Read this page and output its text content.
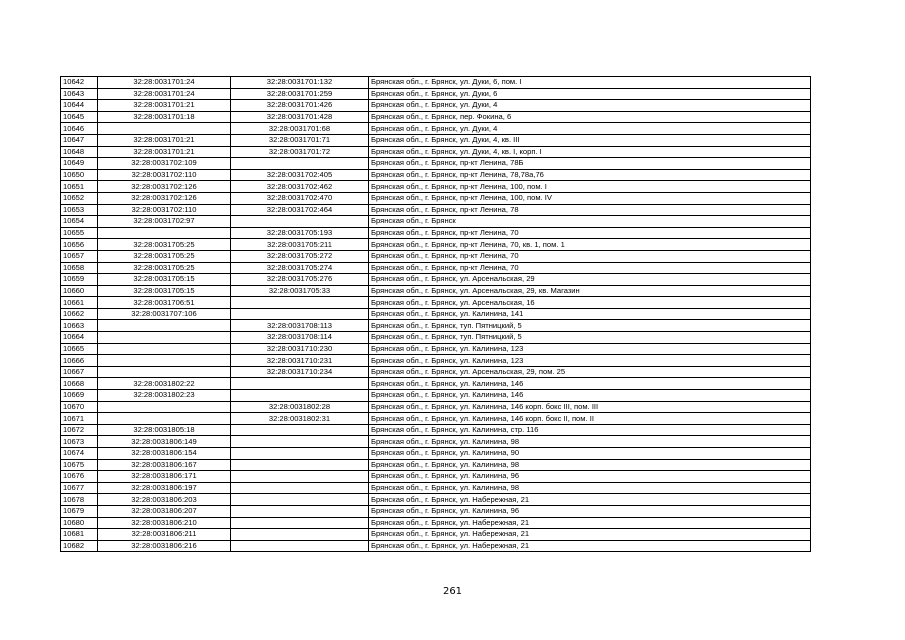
10642	32:28:0031701:24	32:28:0031701:132	Брянская обл., г. Брянск, ул. Дуки, 6, пом. I
10643	32:28:0031701:24	32:28:0031701:259	Брянская обл., г. Брянск, ул. Дуки, 6
10644	32:28:0031701:21	32:28:0031701:426	Брянская обл., г. Брянск, ул. Дуки, 4
10645	32:28:0031701:18	32:28:0031701:428	Брянская обл., г. Брянск, пер. Фокина, 6
10646		32:28:0031701:68	Брянская обл., г. Брянск, ул. Дуки, 4
10647	32:28:0031701:21	32:28:0031701:71	Брянская обл., г. Брянск, ул. Дуки, 4, кв. III
10648	32:28:0031701:21	32:28:0031701:72	Брянская обл., г. Брянск, ул. Дуки, 4, кв. I, корп. I
10649	32:28:0031702:109		Брянская обл., г. Брянск, пр-кт Ленина, 78Б
10650	32:28:0031702:110	32:28:0031702:405	Брянская обл., г. Брянск, пр-кт Ленина, 78,78а,76
10651	32:28:0031702:126	32:28:0031702:462	Брянская обл., г. Брянск, пр-кт Ленина, 100, пом. I
10652	32:28:0031702:126	32:28:0031702:470	Брянская обл., г. Брянск, пр-кт Ленина, 100, пом. IV
10653	32:28:0031702:110	32:28:0031702:464	Брянская обл., г. Брянск, пр-кт Ленина, 78
10654	32:28:0031702:97		Брянская обл., г. Брянск
10655		32:28:0031705:193	Брянская обл., г. Брянск, пр-кт Ленина, 70
10656	32:28:0031705:25	32:28:0031705:211	Брянская обл., г. Брянск, пр-кт Ленина, 70, кв. 1, пом. 1
10657	32:28:0031705:25	32:28:0031705:272	Брянская обл., г. Брянск, пр-кт Ленина, 70
10658	32:28:0031705:25	32:28:0031705:274	Брянская обл., г. Брянск, пр-кт Ленина, 70
10659	32:28:0031705:15	32:28:0031705:276	Брянская обл., г. Брянск, ул. Арсенальская, 29
10660	32:28:0031705:15	32:28:0031705:33	Брянская обл., г. Брянск, ул. Арсенальская, 29, кв. Магазин
10661	32:28:0031706:51		Брянская обл., г. Брянск, ул. Арсенальская, 16
10662	32:28:0031707:106		Брянская обл., г. Брянск, ул. Калинина, 141
10663		32:28:0031708:113	Брянская обл., г. Брянск, туп. Пятницкий, 5
10664		32:28:0031708:114	Брянская обл., г. Брянск, туп. Пятницкий, 5
10665		32:28:0031710:230	Брянская обл., г. Брянск, ул. Калинина, 123
10666		32:28:0031710:231	Брянская обл., г. Брянск, ул. Калинина, 123
10667		32:28:0031710:234	Брянская обл., г. Брянск, ул. Арсенальская, 29, пом. 25
10668	32:28:0031802:22		Брянская обл., г. Брянск, ул. Калинина, 146
10669	32:28:0031802:23		Брянская обл., г. Брянск, ул. Калинина, 146
10670		32:28:0031802:28	Брянская обл., г. Брянск, ул. Калинина, 146 корп. бокс III, пом. III
10671		32:28:0031802:31	Брянская обл., г. Брянск, ул. Калинина, 146 корп. бокс II, пом. II
10672	32:28:0031805:18		Брянская обл., г. Брянск, ул. Калинина, стр. 116
10673	32:28:0031806:149		Брянская обл., г. Брянск, ул. Калинина, 98
10674	32:28:0031806:154		Брянская обл., г. Брянск, ул. Калинина, 90
10675	32:28:0031806:167		Брянская обл., г. Брянск, ул. Калинина, 98
10676	32:28:0031806:171		Брянская обл., г. Брянск, ул. Калинина, 96
10677	32:28:0031806:197		Брянская обл., г. Брянск, ул. Калинина, 98
10678	32:28:0031806:203		Брянская обл., г. Брянск, ул. Набережная, 21
10679	32:28:0031806:207		Брянская обл., г. Брянск, ул. Калинина, 96
10680	32:28:0031806:210		Брянская обл., г. Брянск, ул. Набережная, 21
10681	32:28:0031806:211		Брянская обл., г. Брянск, ул. Набережная, 21
10682	32:28:0031806:216		Брянская обл., г. Брянск, ул. Набережная, 21
261
